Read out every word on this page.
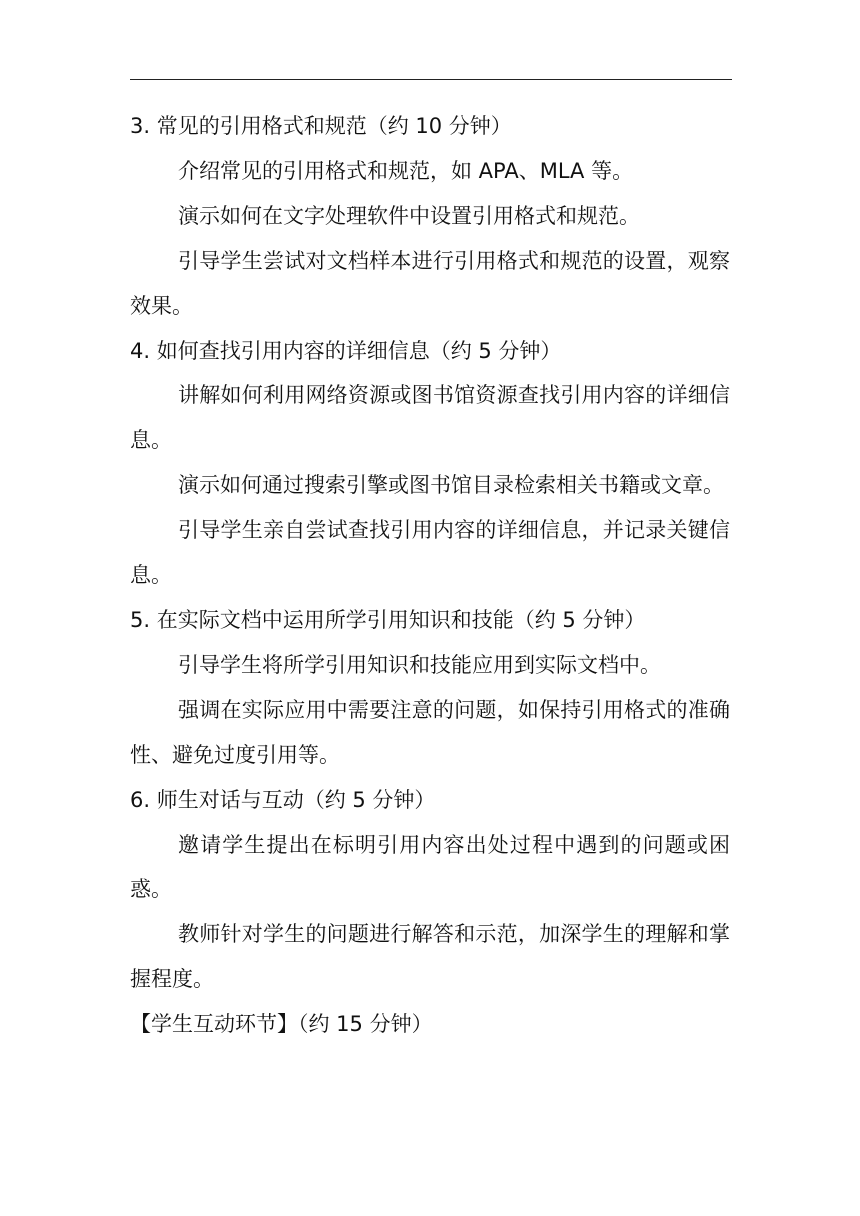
3. 常见的引用格式和规范（约 10 分钟）

介绍常见的引用格式和规范，如 APA、MLA 等。

演示如何在文字处理软件中设置引用格式和规范。

引导学生尝试对文档样本进行引用格式和规范的设置，观察效果。

4. 如何查找引用内容的详细信息（约 5 分钟）

讲解如何利用网络资源或图书馆资源查找引用内容的详细信息。

演示如何通过搜索引擎或图书馆目录检索相关书籍或文章。

引导学生亲自尝试查找引用内容的详细信息，并记录关键信息。

5. 在实际文档中运用所学引用知识和技能（约 5 分钟）

引导学生将所学引用知识和技能应用到实际文档中。

强调在实际应用中需要注意的问题，如保持引用格式的准确性、避免过度引用等。

6. 师生对话与互动（约 5 分钟）

邀请学生提出在标明引用内容出处过程中遇到的问题或困惑。

教师针对学生的问题进行解答和示范，加深学生的理解和掌握程度。

【学生互动环节】（约 15 分钟）
